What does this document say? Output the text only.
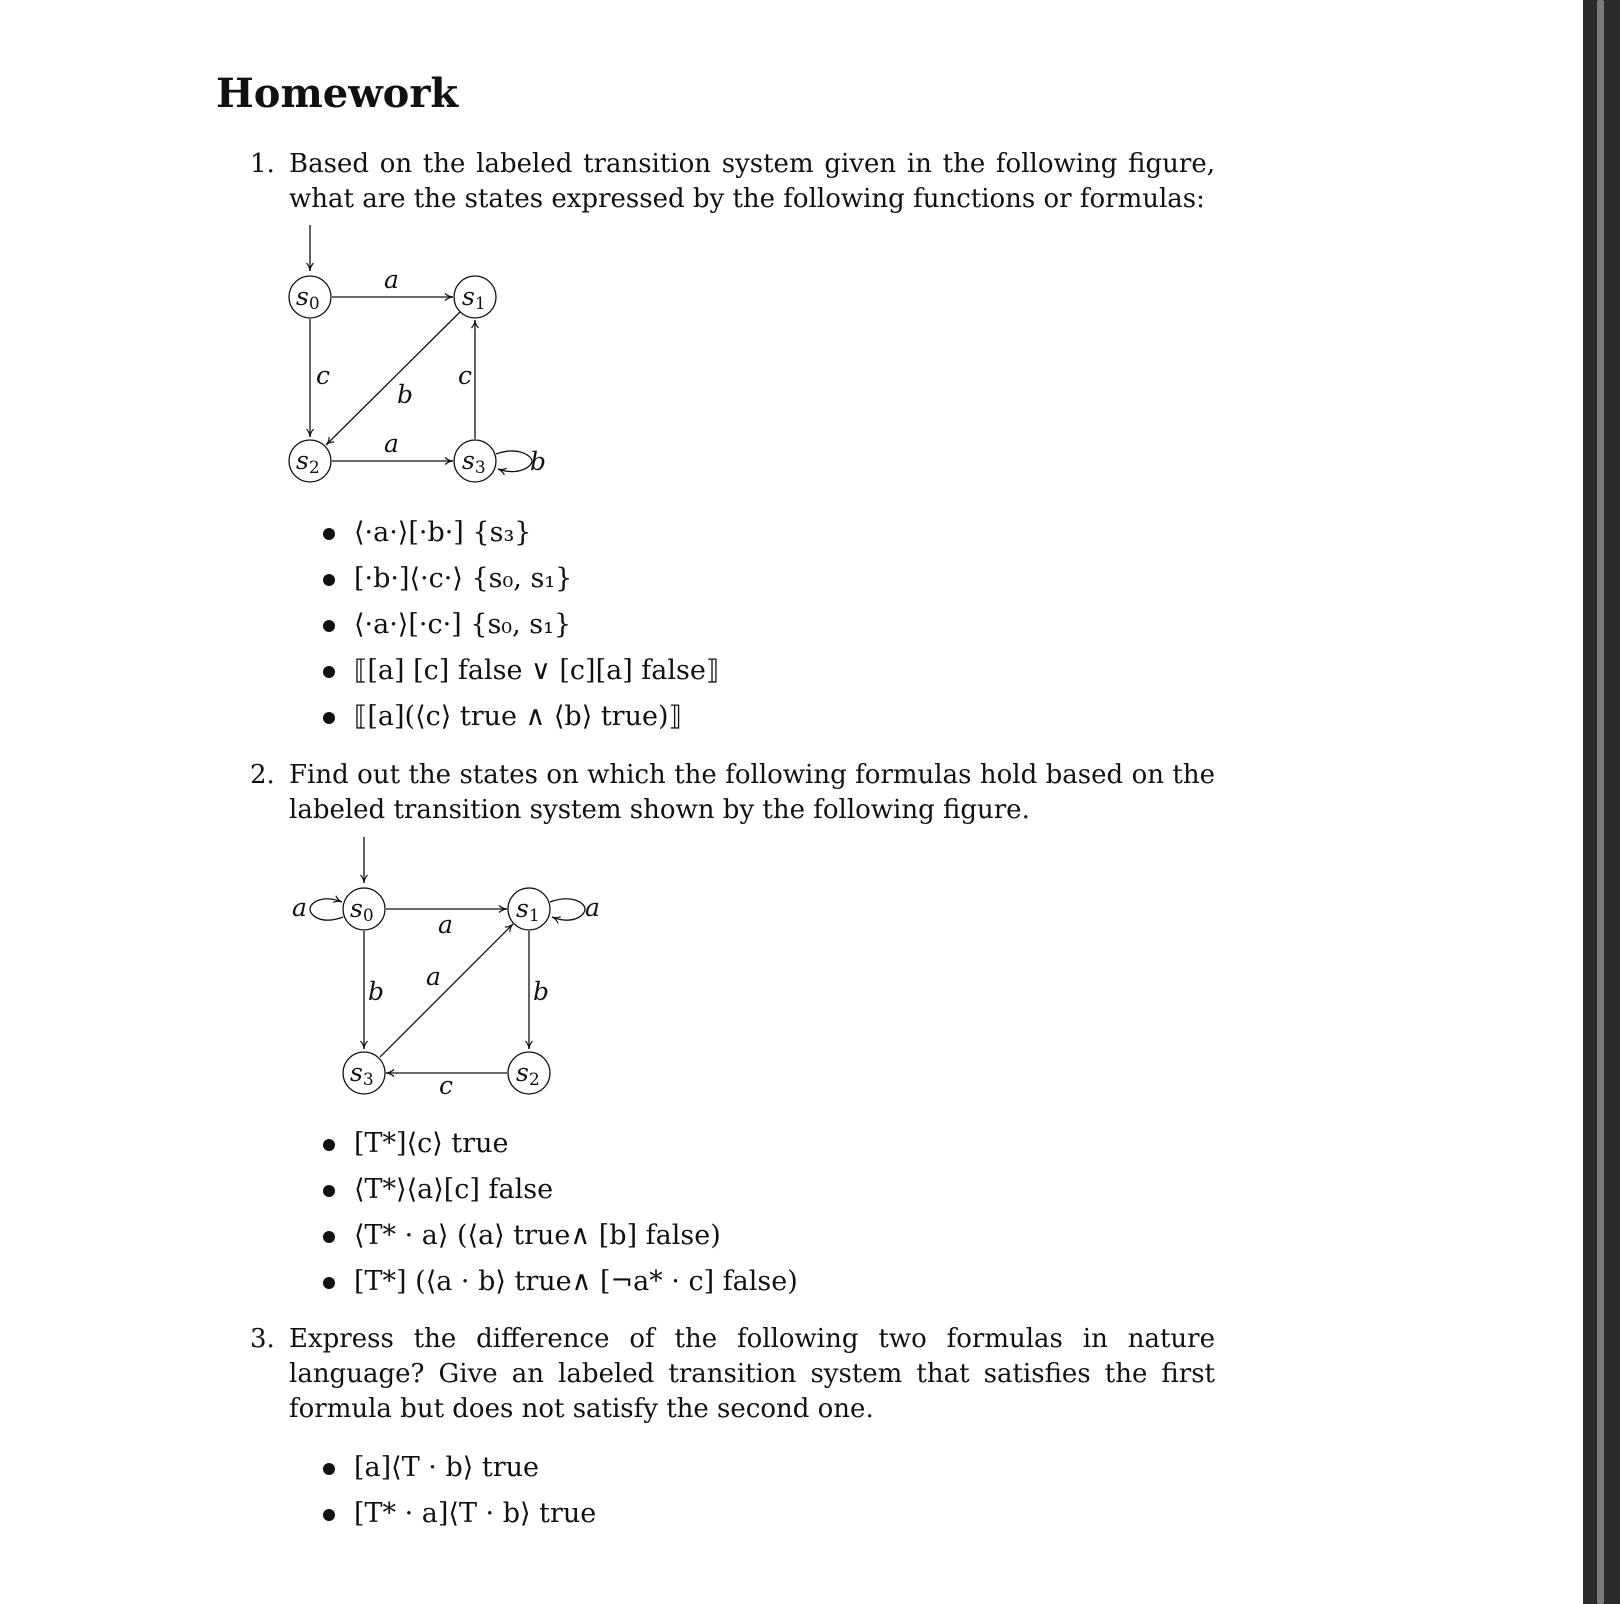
Homework
1. Based on the labeled transition system given in the following figure, what are the states expressed by the following functions or formulas:
s0	s1
s2	s3
a
c
b
c
a
b
⟨·a·⟩[·b·] {s₃}
[·b·]⟨·c·⟩ {s₀, s₁}
⟨·a·⟩[·c·] {s₀, s₁}
⟦[a] [c] false ∨ [c][a] false⟧
⟦[a](⟨c⟩ true ∧ ⟨b⟩ true)⟧
2. Find out the states on which the following formulas hold based on the labeled transition system shown by the following figure.
s0	s1
s3	s2
a
a
a
b
a
b
c
[T*]⟨c⟩ true
⟨T*⟩⟨a⟩[c] false
⟨T* · a⟩ (⟨a⟩ true∧ [b] false)
[T*] (⟨a · b⟩ true∧ [¬a* · c] false)
3. Express the difference of the following two formulas in nature language? Give an labeled transition system that satisfies the first formula but does not satisfy the second one.
[a]⟨T · b⟩ true
[T* · a]⟨T · b⟩ true
